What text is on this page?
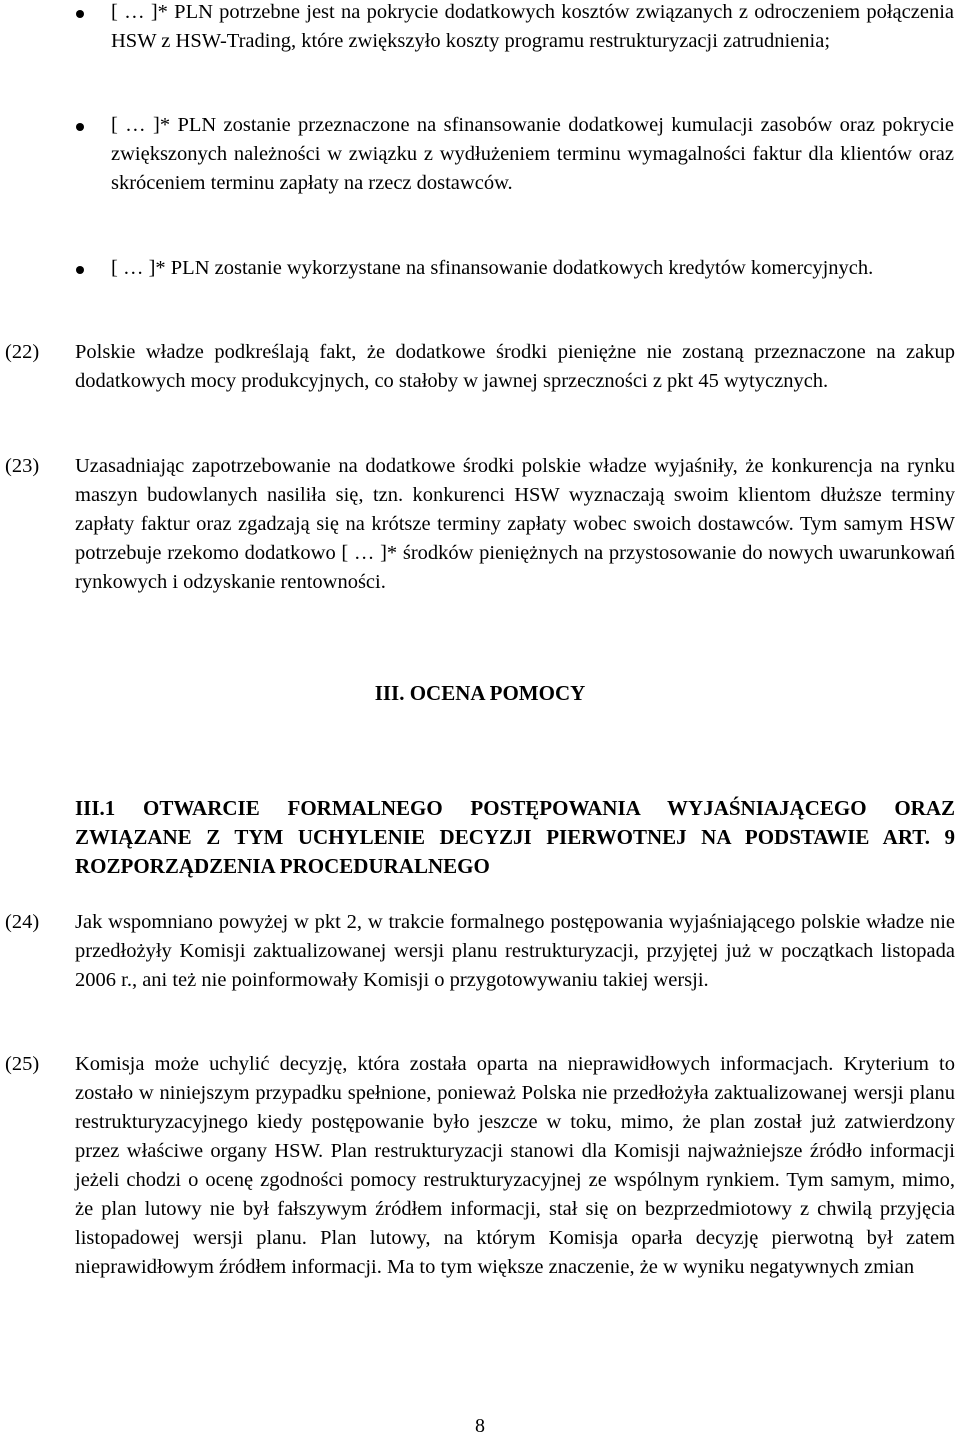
[ … ]* PLN potrzebne jest na pokrycie dodatkowych kosztów związanych z odroczeniem połączenia HSW z HSW-Trading, które zwiększyło koszty programu restrukturyzacji zatrudnienia;
[ … ]* PLN zostanie przeznaczone na sfinansowanie dodatkowej kumulacji zasobów oraz pokrycie zwiększonych należności w związku z wydłużeniem terminu wymagalności faktur dla klientów oraz skróceniem terminu zapłaty na rzecz dostawców.
[ … ]* PLN zostanie wykorzystane na sfinansowanie dodatkowych kredytów komercyjnych.
(22) Polskie władze podkreślają fakt, że dodatkowe środki pieniężne nie zostaną przeznaczone na zakup dodatkowych mocy produkcyjnych, co stałoby w jawnej sprzeczności z pkt 45 wytycznych.
(23) Uzasadniając zapotrzebowanie na dodatkowe środki polskie władze wyjaśniły, że konkurencja na rynku maszyn budowlanych nasiliła się, tzn. konkurenci HSW wyznaczają swoim klientom dłuższe terminy zapłaty faktur oraz zgadzają się na krótsze terminy zapłaty wobec swoich dostawców. Tym samym HSW potrzebuje rzekomo dodatkowo [ … ]* środków pieniężnych na przystosowanie do nowych uwarunkowań rynkowych i odzyskanie rentowności.
III. OCENA POMOCY
III.1 OTWARCIE FORMALNEGO POSTĘPOWANIA WYJAŚNIAJĄCEGO ORAZ ZWIĄZANE Z TYM UCHYLENIE DECYZJI PIERWOTNEJ NA PODSTAWIE ART. 9 ROZPORZĄDZENIA PROCEDURALNEGO
(24) Jak wspomniano powyżej w pkt 2, w trakcie formalnego postępowania wyjaśniającego polskie władze nie przedłożyły Komisji zaktualizowanej wersji planu restrukturyzacji, przyjętej już w początkach listopada 2006 r., ani też nie poinformowały Komisji o przygotowywaniu takiej wersji.
(25) Komisja może uchylić decyzję, która została oparta na nieprawidłowych informacjach. Kryterium to zostało w niniejszym przypadku spełnione, ponieważ Polska nie przedłożyła zaktualizowanej wersji planu restrukturyzacyjnego kiedy postępowanie było jeszcze w toku, mimo, że plan został już zatwierdzony przez właściwe organy HSW. Plan restrukturyzacji stanowi dla Komisji najważniejsze źródło informacji jeżeli chodzi o ocenę zgodności pomocy restrukturyzacyjnej ze wspólnym rynkiem. Tym samym, mimo, że plan lutowy nie był fałszywym źródłem informacji, stał się on bezprzedmiotowy z chwilą przyjęcia listopadowej wersji planu. Plan lutowy, na którym Komisja oparła decyzję pierwotną był zatem nieprawidłowym źródłem informacji. Ma to tym większe znaczenie, że w wyniku negatywnych zmian
8
